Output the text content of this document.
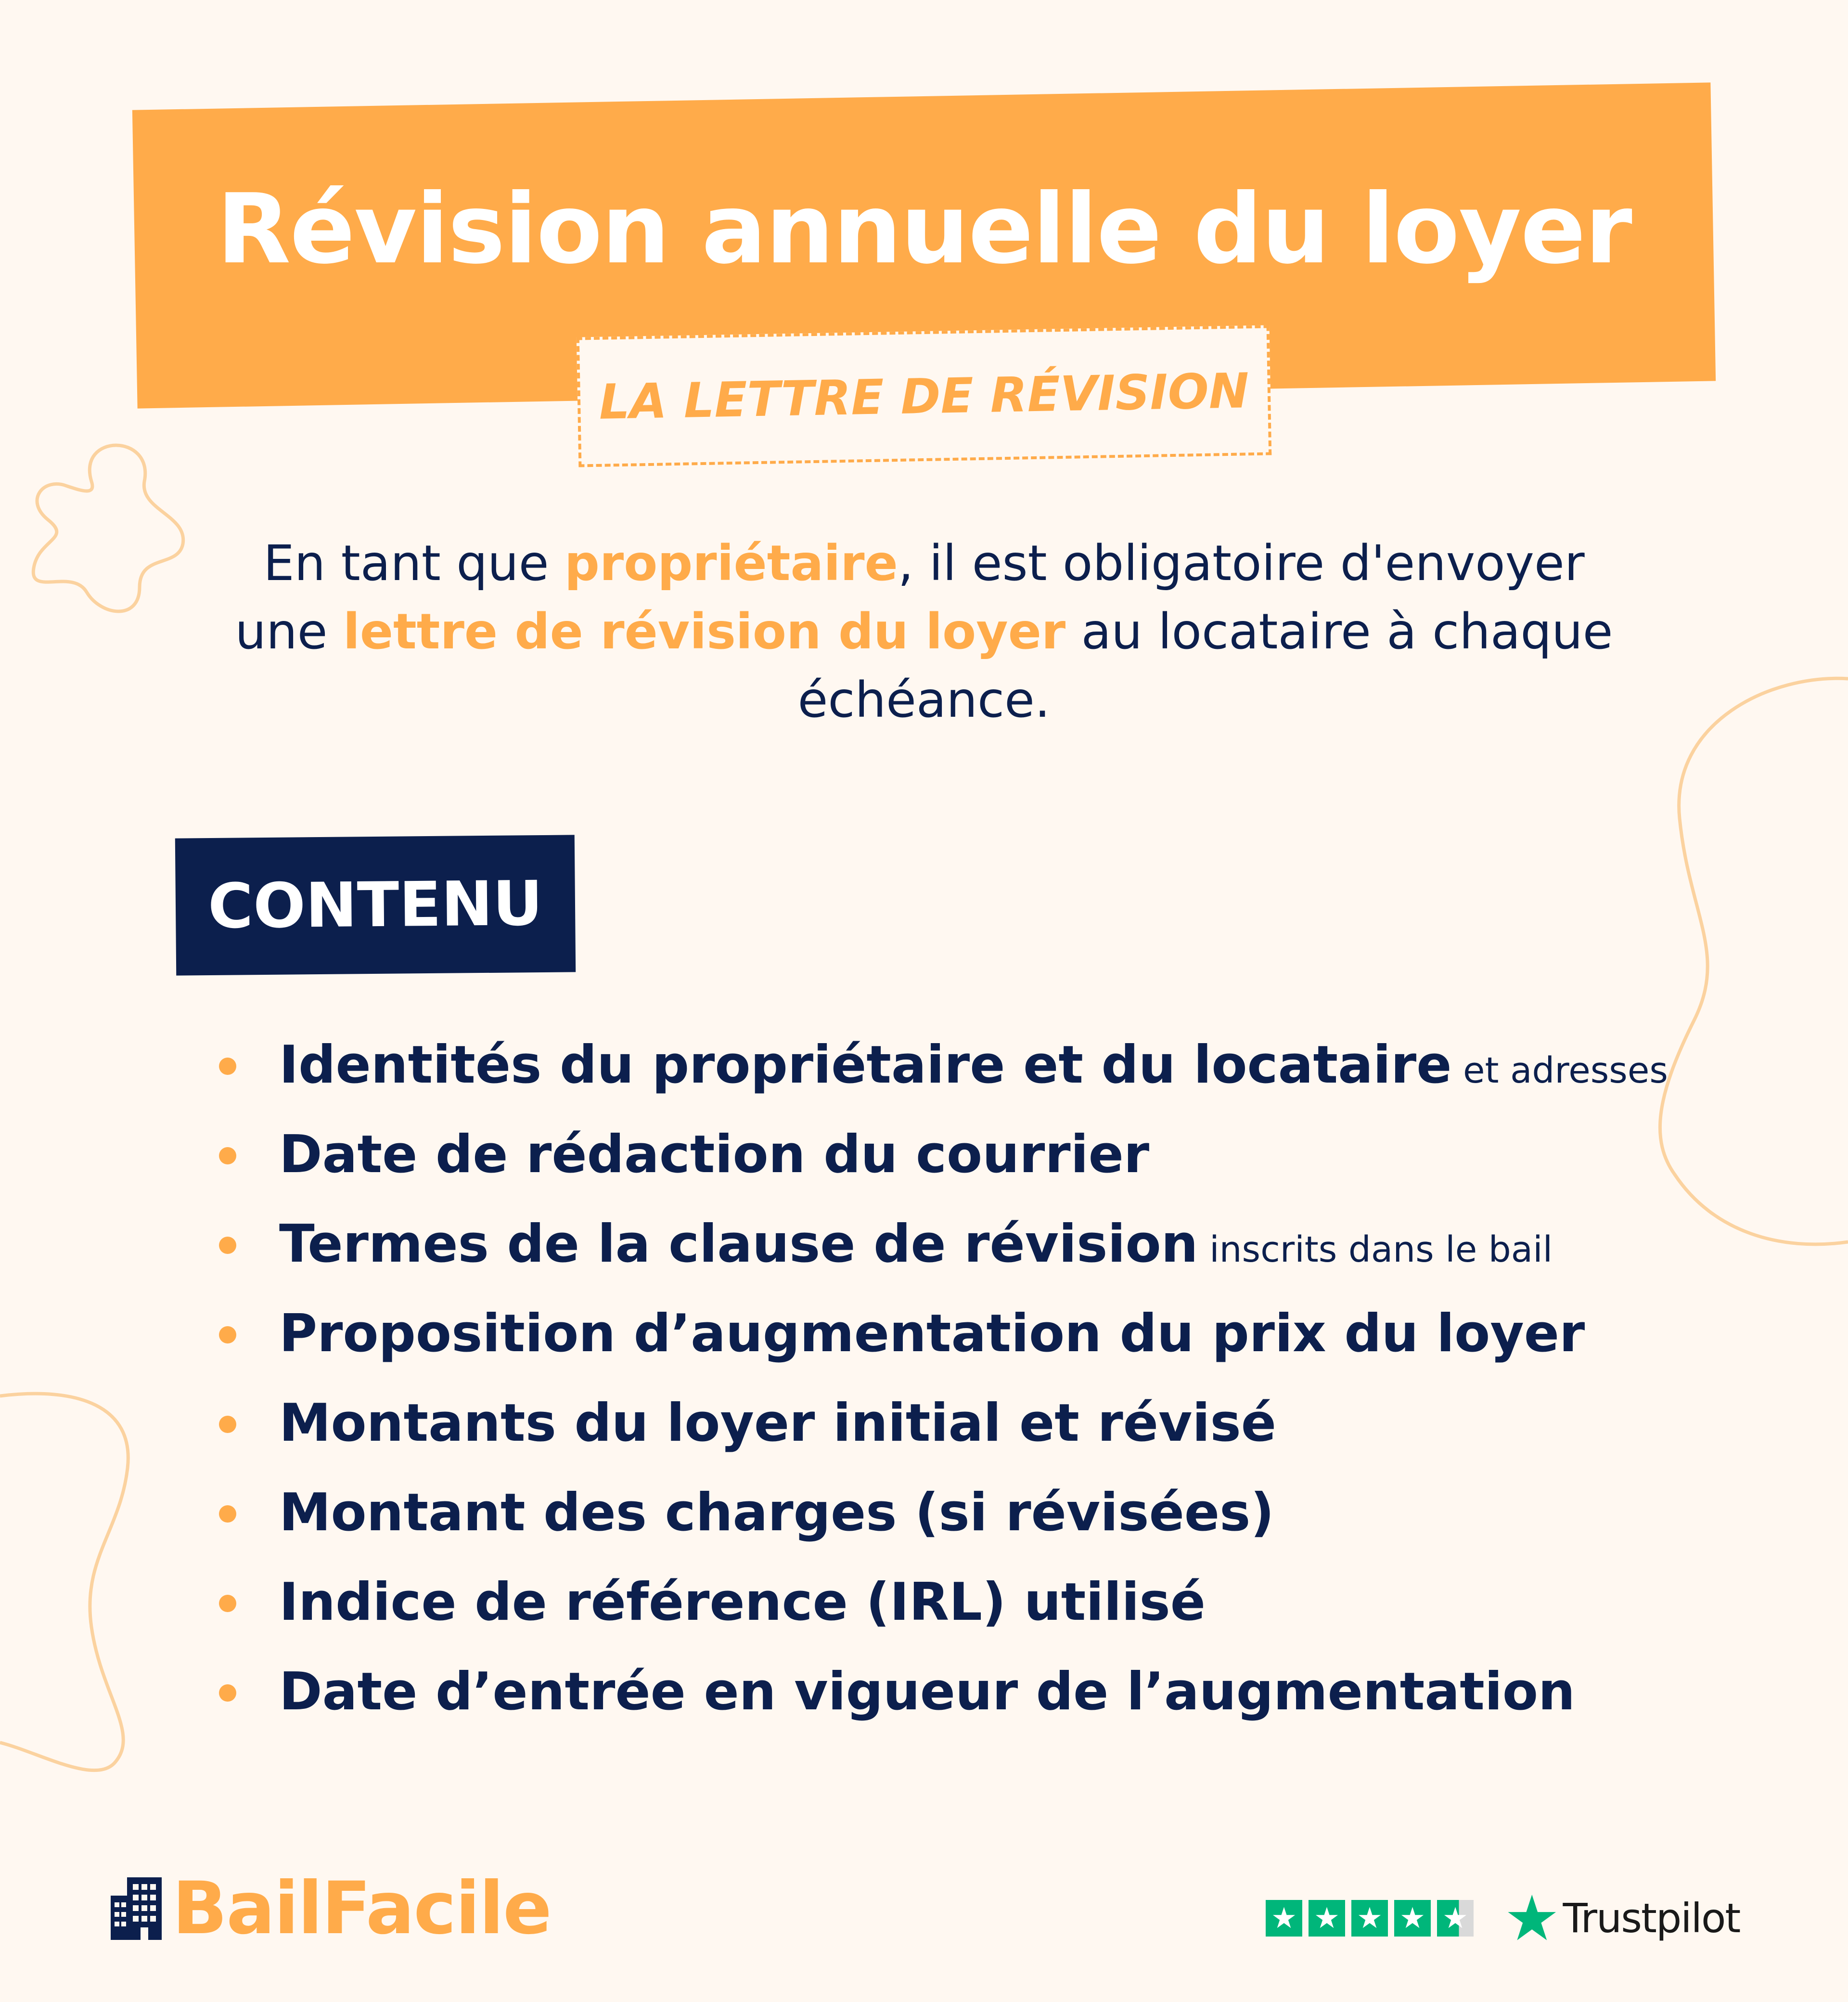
Révision annuelle du loyer
LA LETTRE DE RÉVISION
En tant que propriétaire, il est obligatoire d'envoyer une lettre de révision du loyer au locataire à chaque échéance.
CONTENU
Identités du propriétaire et du locataire et adresses
Date de rédaction du courrier
Termes de la clause de révision inscrits dans le bail
Proposition d’augmentation du prix du loyer
Montants du loyer initial et révisé
Montant des charges (si révisées)
Indice de référence (IRL) utilisé
Date d’entrée en vigueur de l’augmentation
BailFacile	★ ★ ★ ★ ★ ★ Trustpilot
